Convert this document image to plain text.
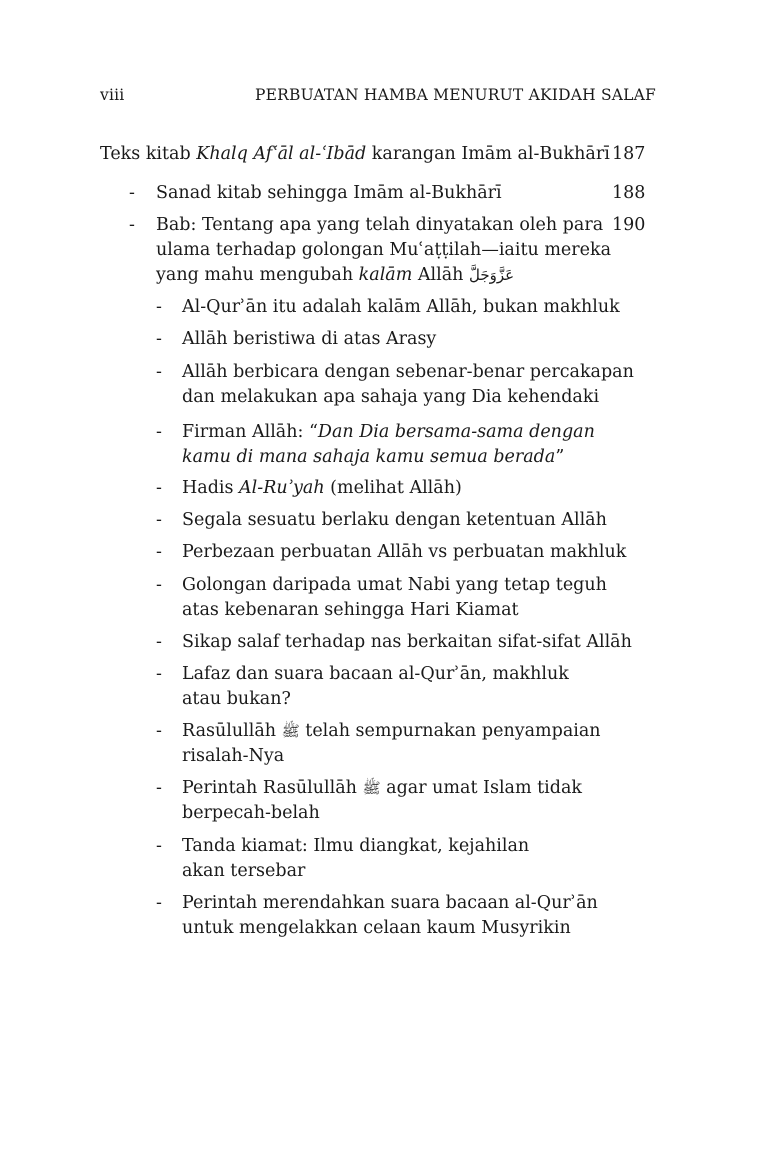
viii	PERBUATAN HAMBA MENURUT AKIDAH SALAF
Teks kitab Khalq Afʿāl al-ʿIbād karangan Imām al-Bukhārī 187
- Sanad kitab sehingga Imām al-Bukhārī	188
- Bab: Tentang apa yang telah dinyatakan oleh para
ulama terhadap golongan Muʿaṭṭilah—iaitu mereka
yang mahu mengubah kalām Allāh عَزَّوَجَلَّ
190
- Al-Qurʾān itu adalah kalām Allāh, bukan makhluk
- Allāh beristiwa di atas Arasy
- Allāh berbicara dengan sebenar-benar percakapan
dan melakukan apa sahaja yang Dia kehendaki
- Firman Allāh: “Dan Dia bersama-sama dengan
kamu di mana sahaja kamu semua berada”
- Hadis Al-Ruʾyah (melihat Allāh)
- Segala sesuatu berlaku dengan ketentuan Allāh
- Perbezaan perbuatan Allāh vs perbuatan makhluk
- Golongan daripada umat Nabi yang tetap teguh
atas kebenaran sehingga Hari Kiamat
- Sikap salaf terhadap nas berkaitan sifat-sifat Allāh
- Lafaz dan suara bacaan al-Qurʾān, makhluk
atau bukan?
- Rasūlullāh ﷺ telah sempurnakan penyampaian
risalah-Nya
- Perintah Rasūlullāh ﷺ agar umat Islam tidak
berpecah-belah
- Tanda kiamat: Ilmu diangkat, kejahilan
akan tersebar
- Perintah merendahkan suara bacaan al-Qurʾān
untuk mengelakkan celaan kaum Musyrikin
